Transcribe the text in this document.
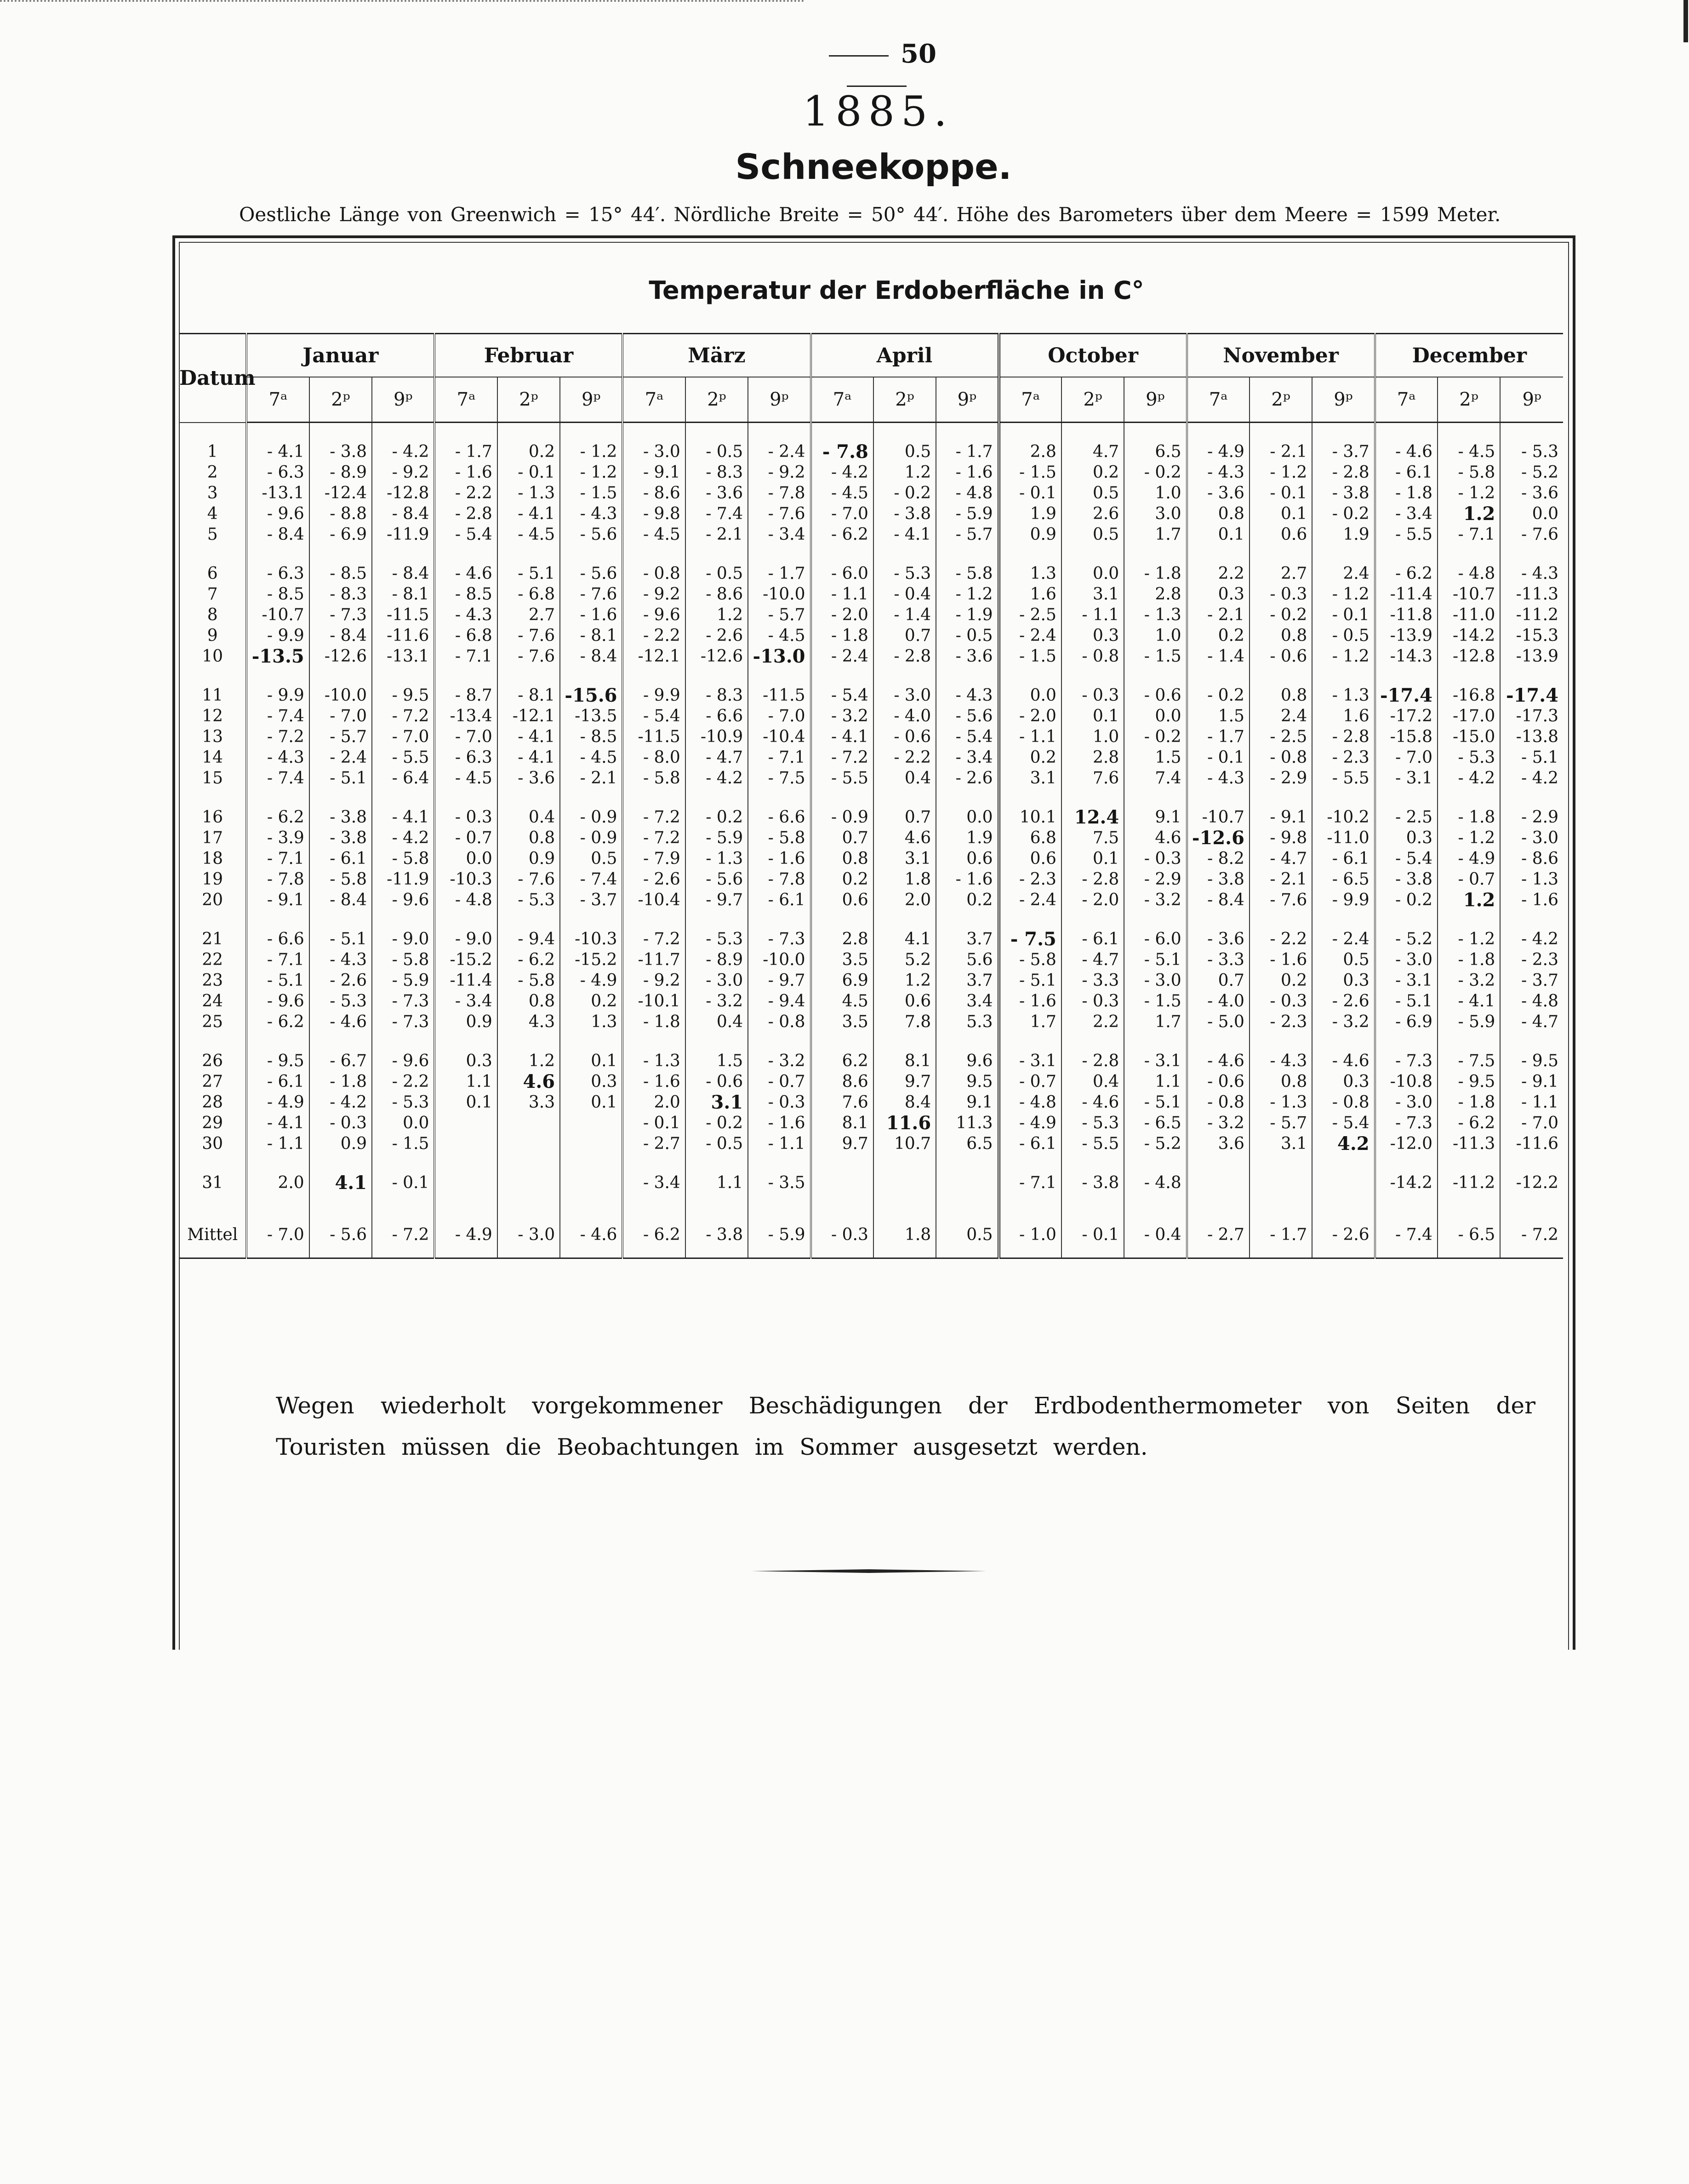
50
1885.
Schneekoppe.
Oestliche Länge von Greenwich = 15° 44′. Nördliche Breite = 50° 44′. Höhe des Barometers über dem Meere = 1599 Meter.
Temperatur der Erdoberfläche in C°
Datum	Januar			Februar			März			April			October			November			December		
	7ᵃ	2ᵖ	9ᵖ	7ᵃ	2ᵖ	9ᵖ	7ᵃ	2ᵖ	9ᵖ	7ᵃ	2ᵖ	9ᵖ	7ᵃ	2ᵖ	9ᵖ	7ᵃ	2ᵖ	9ᵖ	7ᵃ	2ᵖ	9ᵖ

1	- 4.1	- 3.8	- 4.2	- 1.7	0.2	- 1.2	- 3.0	- 0.5	- 2.4	- 7.8	0.5	- 1.7	2.8	4.7	6.5	- 4.9	- 2.1	- 3.7	- 4.6	- 4.5	- 5.3
2	- 6.3	- 8.9	- 9.2	- 1.6	- 0.1	- 1.2	- 9.1	- 8.3	- 9.2	- 4.2	1.2	- 1.6	- 1.5	0.2	- 0.2	- 4.3	- 1.2	- 2.8	- 6.1	- 5.8	- 5.2
3	-13.1	-12.4	-12.8	- 2.2	- 1.3	- 1.5	- 8.6	- 3.6	- 7.8	- 4.5	- 0.2	- 4.8	- 0.1	0.5	1.0	- 3.6	- 0.1	- 3.8	- 1.8	- 1.2	- 3.6
4	- 9.6	- 8.8	- 8.4	- 2.8	- 4.1	- 4.3	- 9.8	- 7.4	- 7.6	- 7.0	- 3.8	- 5.9	1.9	2.6	3.0	0.8	0.1	- 0.2	- 3.4	1.2	0.0
5	- 8.4	- 6.9	-11.9	- 5.4	- 4.5	- 5.6	- 4.5	- 2.1	- 3.4	- 6.2	- 4.1	- 5.7	0.9	0.5	1.7	0.1	0.6	1.9	- 5.5	- 7.1	- 7.6

6	- 6.3	- 8.5	- 8.4	- 4.6	- 5.1	- 5.6	- 0.8	- 0.5	- 1.7	- 6.0	- 5.3	- 5.8	1.3	0.0	- 1.8	2.2	2.7	2.4	- 6.2	- 4.8	- 4.3
7	- 8.5	- 8.3	- 8.1	- 8.5	- 6.8	- 7.6	- 9.2	- 8.6	-10.0	- 1.1	- 0.4	- 1.2	1.6	3.1	2.8	0.3	- 0.3	- 1.2	-11.4	-10.7	-11.3
8	-10.7	- 7.3	-11.5	- 4.3	2.7	- 1.6	- 9.6	1.2	- 5.7	- 2.0	- 1.4	- 1.9	- 2.5	- 1.1	- 1.3	- 2.1	- 0.2	- 0.1	-11.8	-11.0	-11.2
9	- 9.9	- 8.4	-11.6	- 6.8	- 7.6	- 8.1	- 2.2	- 2.6	- 4.5	- 1.8	0.7	- 0.5	- 2.4	0.3	1.0	0.2	0.8	- 0.5	-13.9	-14.2	-15.3
10	-13.5	-12.6	-13.1	- 7.1	- 7.6	- 8.4	-12.1	-12.6	-13.0	- 2.4	- 2.8	- 3.6	- 1.5	- 0.8	- 1.5	- 1.4	- 0.6	- 1.2	-14.3	-12.8	-13.9

11	- 9.9	-10.0	- 9.5	- 8.7	- 8.1	-15.6	- 9.9	- 8.3	-11.5	- 5.4	- 3.0	- 4.3	0.0	- 0.3	- 0.6	- 0.2	0.8	- 1.3	-17.4	-16.8	-17.4
12	- 7.4	- 7.0	- 7.2	-13.4	-12.1	-13.5	- 5.4	- 6.6	- 7.0	- 3.2	- 4.0	- 5.6	- 2.0	0.1	0.0	1.5	2.4	1.6	-17.2	-17.0	-17.3
13	- 7.2	- 5.7	- 7.0	- 7.0	- 4.1	- 8.5	-11.5	-10.9	-10.4	- 4.1	- 0.6	- 5.4	- 1.1	1.0	- 0.2	- 1.7	- 2.5	- 2.8	-15.8	-15.0	-13.8
14	- 4.3	- 2.4	- 5.5	- 6.3	- 4.1	- 4.5	- 8.0	- 4.7	- 7.1	- 7.2	- 2.2	- 3.4	0.2	2.8	1.5	- 0.1	- 0.8	- 2.3	- 7.0	- 5.3	- 5.1
15	- 7.4	- 5.1	- 6.4	- 4.5	- 3.6	- 2.1	- 5.8	- 4.2	- 7.5	- 5.5	0.4	- 2.6	3.1	7.6	7.4	- 4.3	- 2.9	- 5.5	- 3.1	- 4.2	- 4.2

16	- 6.2	- 3.8	- 4.1	- 0.3	0.4	- 0.9	- 7.2	- 0.2	- 6.6	- 0.9	0.7	0.0	10.1	12.4	9.1	-10.7	- 9.1	-10.2	- 2.5	- 1.8	- 2.9
17	- 3.9	- 3.8	- 4.2	- 0.7	0.8	- 0.9	- 7.2	- 5.9	- 5.8	0.7	4.6	1.9	6.8	7.5	4.6	-12.6	- 9.8	-11.0	0.3	- 1.2	- 3.0
18	- 7.1	- 6.1	- 5.8	0.0	0.9	0.5	- 7.9	- 1.3	- 1.6	0.8	3.1	0.6	0.6	0.1	- 0.3	- 8.2	- 4.7	- 6.1	- 5.4	- 4.9	- 8.6
19	- 7.8	- 5.8	-11.9	-10.3	- 7.6	- 7.4	- 2.6	- 5.6	- 7.8	0.2	1.8	- 1.6	- 2.3	- 2.8	- 2.9	- 3.8	- 2.1	- 6.5	- 3.8	- 0.7	- 1.3
20	- 9.1	- 8.4	- 9.6	- 4.8	- 5.3	- 3.7	-10.4	- 9.7	- 6.1	0.6	2.0	0.2	- 2.4	- 2.0	- 3.2	- 8.4	- 7.6	- 9.9	- 0.2	1.2	- 1.6

21	- 6.6	- 5.1	- 9.0	- 9.0	- 9.4	-10.3	- 7.2	- 5.3	- 7.3	2.8	4.1	3.7	- 7.5	- 6.1	- 6.0	- 3.6	- 2.2	- 2.4	- 5.2	- 1.2	- 4.2
22	- 7.1	- 4.3	- 5.8	-15.2	- 6.2	-15.2	-11.7	- 8.9	-10.0	3.5	5.2	5.6	- 5.8	- 4.7	- 5.1	- 3.3	- 1.6	0.5	- 3.0	- 1.8	- 2.3
23	- 5.1	- 2.6	- 5.9	-11.4	- 5.8	- 4.9	- 9.2	- 3.0	- 9.7	6.9	1.2	3.7	- 5.1	- 3.3	- 3.0	0.7	0.2	0.3	- 3.1	- 3.2	- 3.7
24	- 9.6	- 5.3	- 7.3	- 3.4	0.8	0.2	-10.1	- 3.2	- 9.4	4.5	0.6	3.4	- 1.6	- 0.3	- 1.5	- 4.0	- 0.3	- 2.6	- 5.1	- 4.1	- 4.8
25	- 6.2	- 4.6	- 7.3	0.9	4.3	1.3	- 1.8	0.4	- 0.8	3.5	7.8	5.3	1.7	2.2	1.7	- 5.0	- 2.3	- 3.2	- 6.9	- 5.9	- 4.7

26	- 9.5	- 6.7	- 9.6	0.3	1.2	0.1	- 1.3	1.5	- 3.2	6.2	8.1	9.6	- 3.1	- 2.8	- 3.1	- 4.6	- 4.3	- 4.6	- 7.3	- 7.5	- 9.5
27	- 6.1	- 1.8	- 2.2	1.1	4.6	0.3	- 1.6	- 0.6	- 0.7	8.6	9.7	9.5	- 0.7	0.4	1.1	- 0.6	0.8	0.3	-10.8	- 9.5	- 9.1
28	- 4.9	- 4.2	- 5.3	0.1	3.3	0.1	2.0	3.1	- 0.3	7.6	8.4	9.1	- 4.8	- 4.6	- 5.1	- 0.8	- 1.3	- 0.8	- 3.0	- 1.8	- 1.1
29	- 4.1	- 0.3	0.0				- 0.1	- 0.2	- 1.6	8.1	11.6	11.3	- 4.9	- 5.3	- 6.5	- 3.2	- 5.7	- 5.4	- 7.3	- 6.2	- 7.0
30	- 1.1	0.9	- 1.5				- 2.7	- 0.5	- 1.1	9.7	10.7	6.5	- 6.1	- 5.5	- 5.2	3.6	3.1	4.2	-12.0	-11.3	-11.6

31	2.0	4.1	- 0.1				- 3.4	1.1	- 3.5				- 7.1	- 3.8	- 4.8				-14.2	-11.2	-12.2

Mittel	- 7.0	- 5.6	- 7.2	- 4.9	- 3.0	- 4.6	- 6.2	- 3.8	- 5.9	- 0.3	1.8	0.5	- 1.0	- 0.1	- 0.4	- 2.7	- 1.7	- 2.6	- 7.4	- 6.5	- 7.2
Wegen wiederholt vorgekommener Beschädigungen der Erdbodenthermometer von Seiten der Touristen müssen die Beobachtungen im Sommer ausgesetzt werden.
